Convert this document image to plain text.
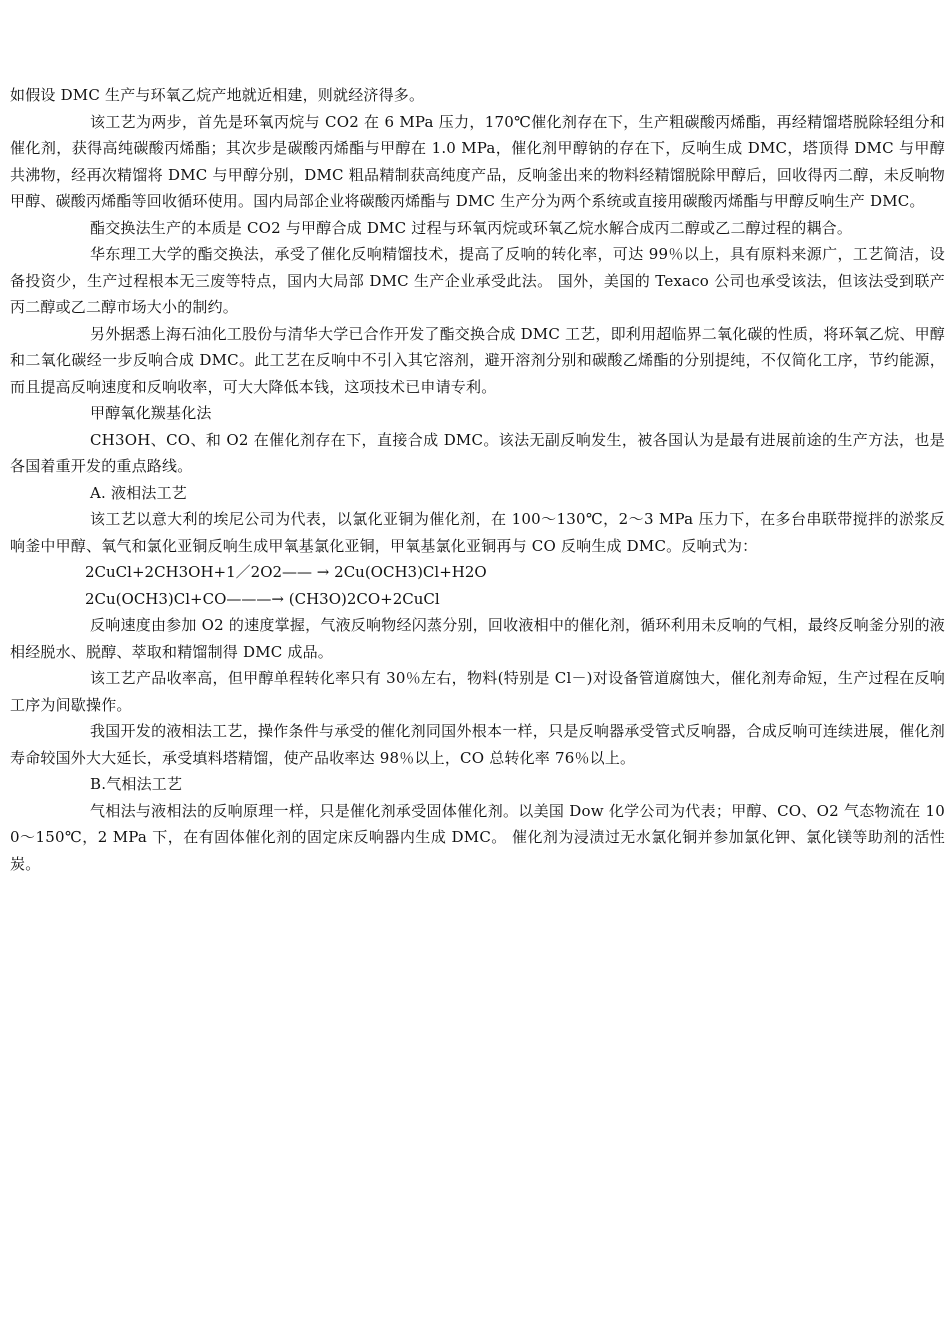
如假设 DMC 生产与环氧乙烷产地就近相建，则就经济得多。

该工艺为两步，首先是环氧丙烷与 CO2 在 6 MPa 压力，170℃催化剂存在下，生产粗碳酸丙烯酯，再经精馏塔脱除轻组分和催化剂，获得高纯碳酸丙烯酯；其次步是碳酸丙烯酯与甲醇在 1.0 MPa，催化剂甲醇钠的存在下，反响生成 DMC，塔顶得 DMC 与甲醇共沸物，经再次精馏将 DMC 与甲醇分别，DMC 粗品精制获高纯度产品，反响釜出来的物料经精馏脱除甲醇后，回收得丙二醇，未反响物甲醇、碳酸丙烯酯等回收循环使用。国内局部企业将碳酸丙烯酯与 DMC 生产分为两个系统或直接用碳酸丙烯酯与甲醇反响生产 DMC。

酯交换法生产的本质是 CO2 与甲醇合成 DMC 过程与环氧丙烷或环氧乙烷水解合成丙二醇或乙二醇过程的耦合。

华东理工大学的酯交换法，承受了催化反响精馏技术，提高了反响的转化率，可达 99％以上，具有原料来源广，工艺简洁，设备投资少，生产过程根本无三废等特点，国内大局部 DMC 生产企业承受此法。 国外，美国的 Texaco 公司也承受该法，但该法受到联产丙二醇或乙二醇市场大小的制约。

另外据悉上海石油化工股份与清华大学已合作开发了酯交换合成 DMC 工艺，即利用超临界二氧化碳的性质，将环氧乙烷、甲醇和二氧化碳经一步反响合成 DMC。此工艺在反响中不引入其它溶剂，避开溶剂分别和碳酸乙烯酯的分别提纯，不仅简化工序，节约能源，而且提高反响速度和反响收率，可大大降低本钱，这项技术已申请专利。

甲醇氧化羰基化法

CH3OH、CO、和 O2 在催化剂存在下，直接合成 DMC。该法无副反响发生，被各国认为是最有进展前途的生产方法，也是各国着重开发的重点路线。

A. 液相法工艺

该工艺以意大利的埃尼公司为代表，以氯化亚铜为催化剂，在 100～130℃，2～3 MPa 压力下，在多台串联带搅拌的淤浆反响釜中甲醇、氧气和氯化亚铜反响生成甲氧基氯化亚铜，甲氧基氯化亚铜再与 CO 反响生成 DMC。反响式为：

2CuCl+2CH3OH+1／2O2—— → 2Cu(OCH3)Cl+H2O

2Cu(OCH3)Cl+CO———→ (CH3O)2CO+2CuCl

反响速度由参加 O2 的速度掌握，气液反响物经闪蒸分别，回收液相中的催化剂，循环利用未反响的气相，最终反响釜分别的液相经脱水、脱醇、萃取和精馏制得 DMC 成品。

该工艺产品收率高，但甲醇单程转化率只有 30％左右，物料(特别是 Cl－)对设备管道腐蚀大，催化剂寿命短，生产过程在反响工序为间歇操作。

我国开发的液相法工艺，操作条件与承受的催化剂同国外根本一样，只是反响器承受管式反响器，合成反响可连续进展，催化剂寿命较国外大大延长，承受填料塔精馏，使产品收率达 98％以上，CO 总转化率 76％以上。

B.气相法工艺

气相法与液相法的反响原理一样，只是催化剂承受固体催化剂。以美国 Dow 化学公司为代表；甲醇、CO、O2 气态物流在 100～150℃，2 MPa 下，在有固体催化剂的固定床反响器内生成 DMC。 催化剂为浸渍过无水氯化铜并参加氯化钾、氯化镁等助剂的活性炭。
